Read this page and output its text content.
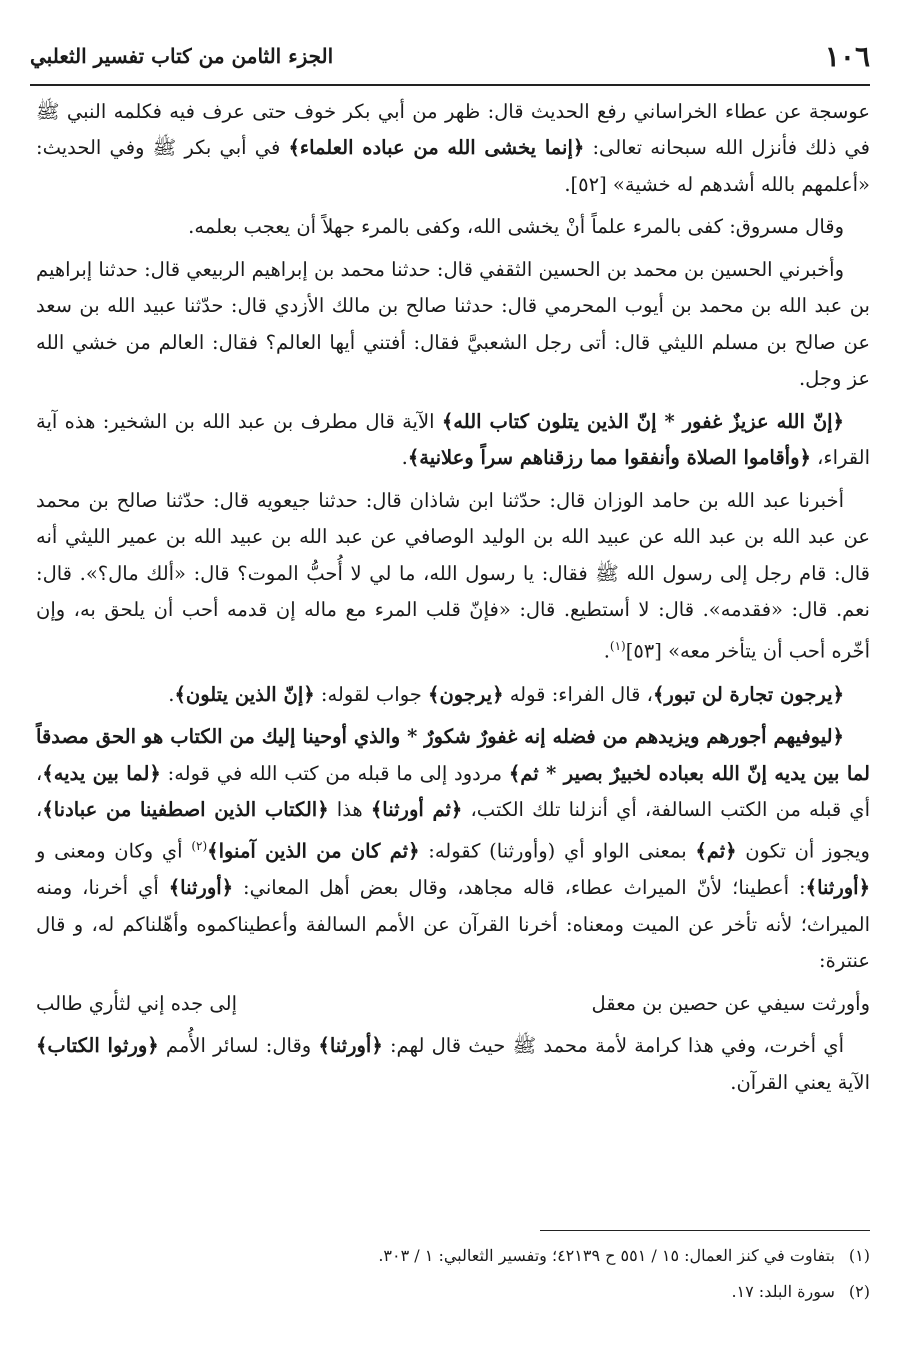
١٠٦
الجزء الثامن من كتاب تفسير الثعلبي

عوسجة عن عطاء الخراساني رفع الحديث قال: ظهر من أبي بكر خوف حتى عرف فيه فكلمه النبي ﷺ في ذلك فأنزل الله سبحانه تعالى: ﴿إنما يخشى الله من عباده العلماء﴾ في أبي بكر ﷺ وفي الحديث: «أعلمهم بالله أشدهم له خشية» [٥٢].

وقال مسروق: كفى بالمرء علماً أنْ يخشى الله، وكفى بالمرء جهلاً أن يعجب بعلمه.

وأخبرني الحسين بن محمد بن الحسين الثقفي قال: حدثنا محمد بن إبراهيم الربيعي قال: حدثنا إبراهيم بن عبد الله بن محمد بن أيوب المحرمي قال: حدثنا صالح بن مالك الأزدي قال: حدّثنا عبيد الله بن سعد عن صالح بن مسلم الليثي قال: أتى رجل الشعبيَّ فقال: أفتني أيها العالم؟ فقال: العالم من خشي الله عز وجل.

﴿إنّ الله عزيزٌ غفور * إنّ الذين يتلون كتاب الله﴾ الآية قال مطرف بن عبد الله بن الشخير: هذه آية القراء، ﴿وأقاموا الصلاة وأنفقوا مما رزقناهم سراً وعلانية﴾.

أخبرنا عبد الله بن حامد الوزان قال: حدّثنا ابن شاذان قال: حدثنا جيعويه قال: حدّثنا صالح بن محمد عن عبد الله بن عبد الله عن عبيد الله بن الوليد الوصافي عن عبد الله بن عبيد الله بن عمير الليثي أنه قال: قام رجل إلى رسول الله ﷺ فقال: يا رسول الله، ما لي لا أُحبُّ الموت؟ قال: «ألك مال؟». قال: نعم. قال: «فقدمه». قال: لا أستطيع. قال: «فإنّ قلب المرء مع ماله إن قدمه أحب أن يلحق به، وإن أخّره أحب أن يتأخر معه» [٥٣]$^{(١)}$.

﴿يرجون تجارة لن تبور﴾، قال الفراء: قوله ﴿يرجون﴾ جواب لقوله: ﴿إنّ الذين يتلون﴾.

﴿ليوفيهم أجورهم ويزيدهم من فضله إنه غفورٌ شكورٌ * والذي أوحينا إليك من الكتاب هو الحق مصدقاً لما بين يديه إنّ الله بعباده لخبيرٌ بصير * ثم﴾ مردود إلى ما قبله من كتب الله في قوله: ﴿لما بين يديه﴾، أي قبله من الكتب السالفة، أي أنزلنا تلك الكتب، ﴿ثم أورثنا﴾ هذا ﴿الكتاب الذين اصطفينا من عبادنا﴾، ويجوز أن تكون ﴿ثم﴾ بمعنى الواو أي (وأورثنا) كقوله: ﴿ثم كان من الذين آمنوا﴾$^{(٢)}$ أي وكان ومعنى و ﴿أورثنا﴾: أعطينا؛ لأنّ الميراث عطاء، قاله مجاهد، وقال بعض أهل المعاني: ﴿أورثنا﴾ أي أخرنا، ومنه الميراث؛ لأنه تأخر عن الميت ومعناه: أخرنا القرآن عن الأمم السالفة وأعطيناكموه وأهّلناكم له، و قال عنترة:

وأورثت سيفي عن حصين بن معقل
إلى جده إني لثأري طالب

أي أخرت، وفي هذا كرامة لأمة محمد ﷺ حيث قال لهم: ﴿أورثنا﴾ وقال: لسائر الأُمم ﴿ورثوا الكتاب﴾ الآية يعني القرآن.

(١)
بتفاوت في كنز العمال: ١٥ / ٥٥١ ح ٤٢١٣٩؛ وتفسير الثعالبي: ١ / ٣٠٣.
(٢)
سورة البلد: ١٧.
